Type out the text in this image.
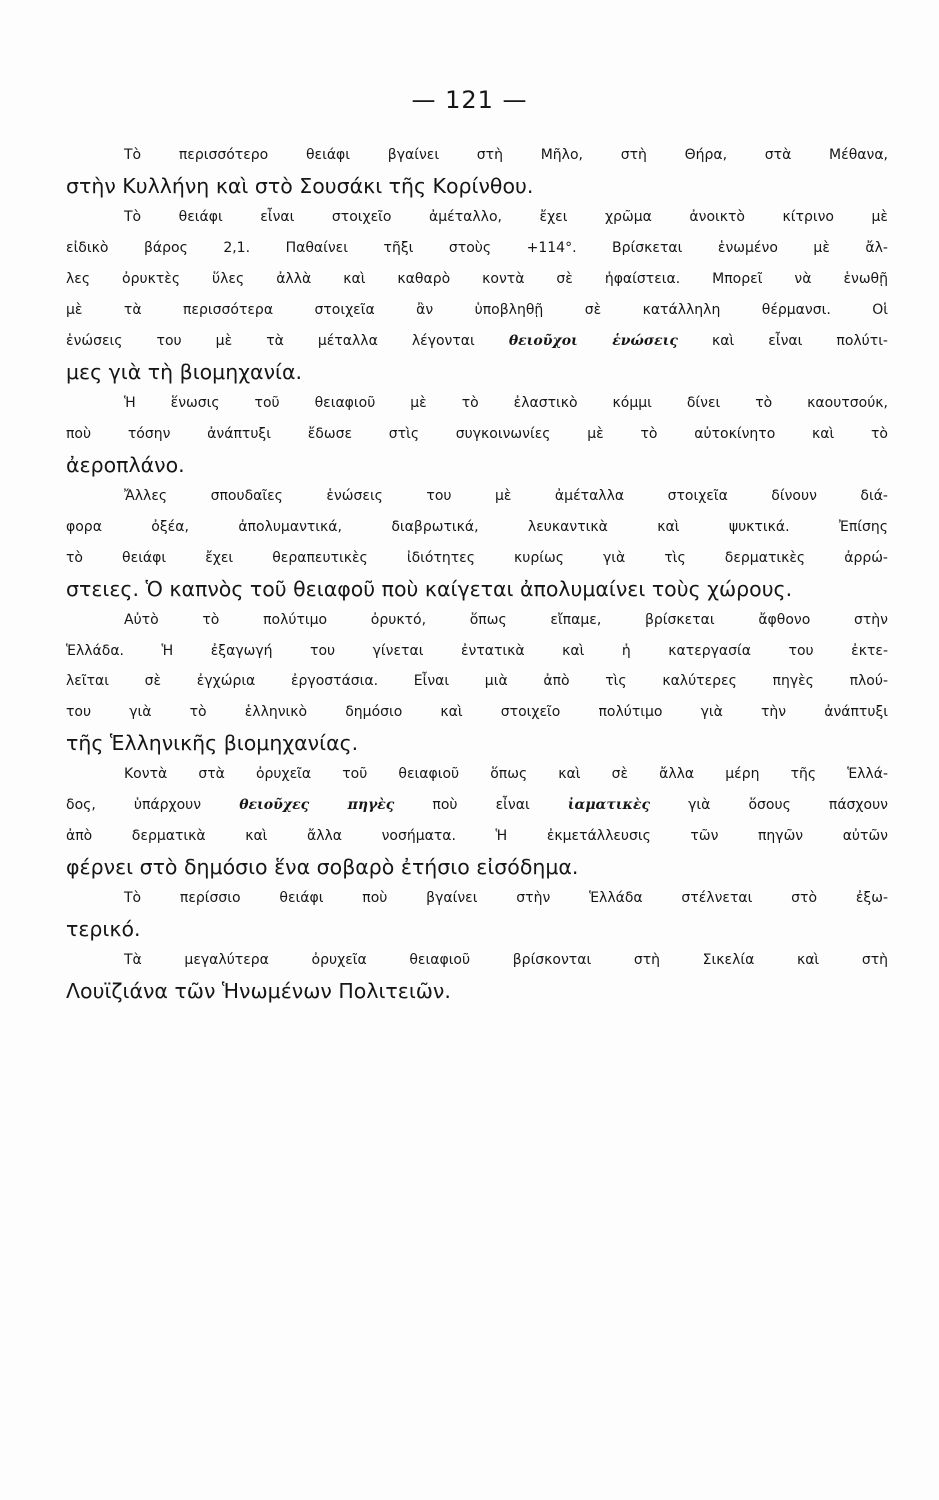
— 121 —
Τὸ περισσότερο θειάφι βγαίνει στὴ Μῆλο, στὴ Θήρα, στὰ Μέθανα,
στὴν Κυλλήνη καὶ στὸ Σουσάκι τῆς Κορίνθου.
Τὸ θειάφι εἶναι στοιχεῖο ἀμέταλλο, ἔχει χρῶμα ἀνοικτὸ κίτρινο μὲ
εἰδικὸ βάρος 2,1. Παθαίνει τῆξι στοὺς +114°. Βρίσκεται ἑνωμένο μὲ ἄλ-
λες ὀρυκτὲς ὕλες ἀλλὰ καὶ καθαρὸ κοντὰ σὲ ἡφαίστεια. Μπορεῖ νὰ ἑνωθῇ
μὲ τὰ περισσότερα στοιχεῖα ἂν ὑποβληθῇ σὲ κατάλληλη θέρμανσι. Οἱ
ἑνώσεις του μὲ τὰ μέταλλα λέγονται θειοῦχοι ἑνώσεις καὶ εἶναι πολύτι-
μες γιὰ τὴ βιομηχανία.
Ἡ ἕνωσις τοῦ θειαφιοῦ μὲ τὸ ἐλαστικὸ κόμμι δίνει τὸ καουτσούκ,
ποὺ τόσην ἀνάπτυξι ἔδωσε στὶς συγκοινωνίες μὲ τὸ αὐτοκίνητο καὶ τὸ
ἀεροπλάνο.
Ἄλλες σπουδαῖες ἑνώσεις του μὲ ἀμέταλλα στοιχεῖα δίνουν διά-
φορα ὀξέα, ἀπολυμαντικά, διαβρωτικά, λευκαντικὰ καὶ ψυκτικά. Ἐπίσης
τὸ θειάφι ἔχει θεραπευτικὲς ἰδιότητες κυρίως γιὰ τὶς δερματικὲς ἀρρώ-
στειες. Ὁ καπνὸς τοῦ θειαφοῦ ποὺ καίγεται ἀπολυμαίνει τοὺς χώρους.
Αὐτὸ τὸ πολύτιμο ὀρυκτό, ὅπως εἴπαμε, βρίσκεται ἄφθονο στὴν
Ἑλλάδα. Ἡ ἐξαγωγή του γίνεται ἐντατικὰ καὶ ἡ κατεργασία του ἐκτε-
λεῖται σὲ ἐγχώρια ἐργοστάσια. Εἶναι μιὰ ἀπὸ τὶς καλύτερες πηγὲς πλού-
του γιὰ τὸ ἑλληνικὸ δημόσιο καὶ στοιχεῖο πολύτιμο γιὰ τὴν ἀνάπτυξι
τῆς Ἑλληνικῆς βιομηχανίας.
Κοντὰ στὰ ὀρυχεῖα τοῦ θειαφιοῦ ὅπως καὶ σὲ ἄλλα μέρη τῆς Ἑλλά-
δος, ὑπάρχουν θειοῦχες πηγὲς ποὺ εἶναι ἰαματικὲς γιὰ ὅσους πάσχουν
ἀπὸ δερματικὰ καὶ ἄλλα νοσήματα. Ἡ ἐκμετάλλευσις τῶν πηγῶν αὐτῶν
φέρνει στὸ δημόσιο ἕνα σοβαρὸ ἐτήσιο εἰσόδημα.
Τὸ περίσσιο θειάφι ποὺ βγαίνει στὴν Ἑλλάδα στέλνεται στὸ ἐξω-
τερικό.
Τὰ μεγαλύτερα ὀρυχεῖα θειαφιοῦ βρίσκονται στὴ Σικελία καὶ στὴ
Λουϊζιάνα τῶν Ἡνωμένων Πολιτειῶν.
